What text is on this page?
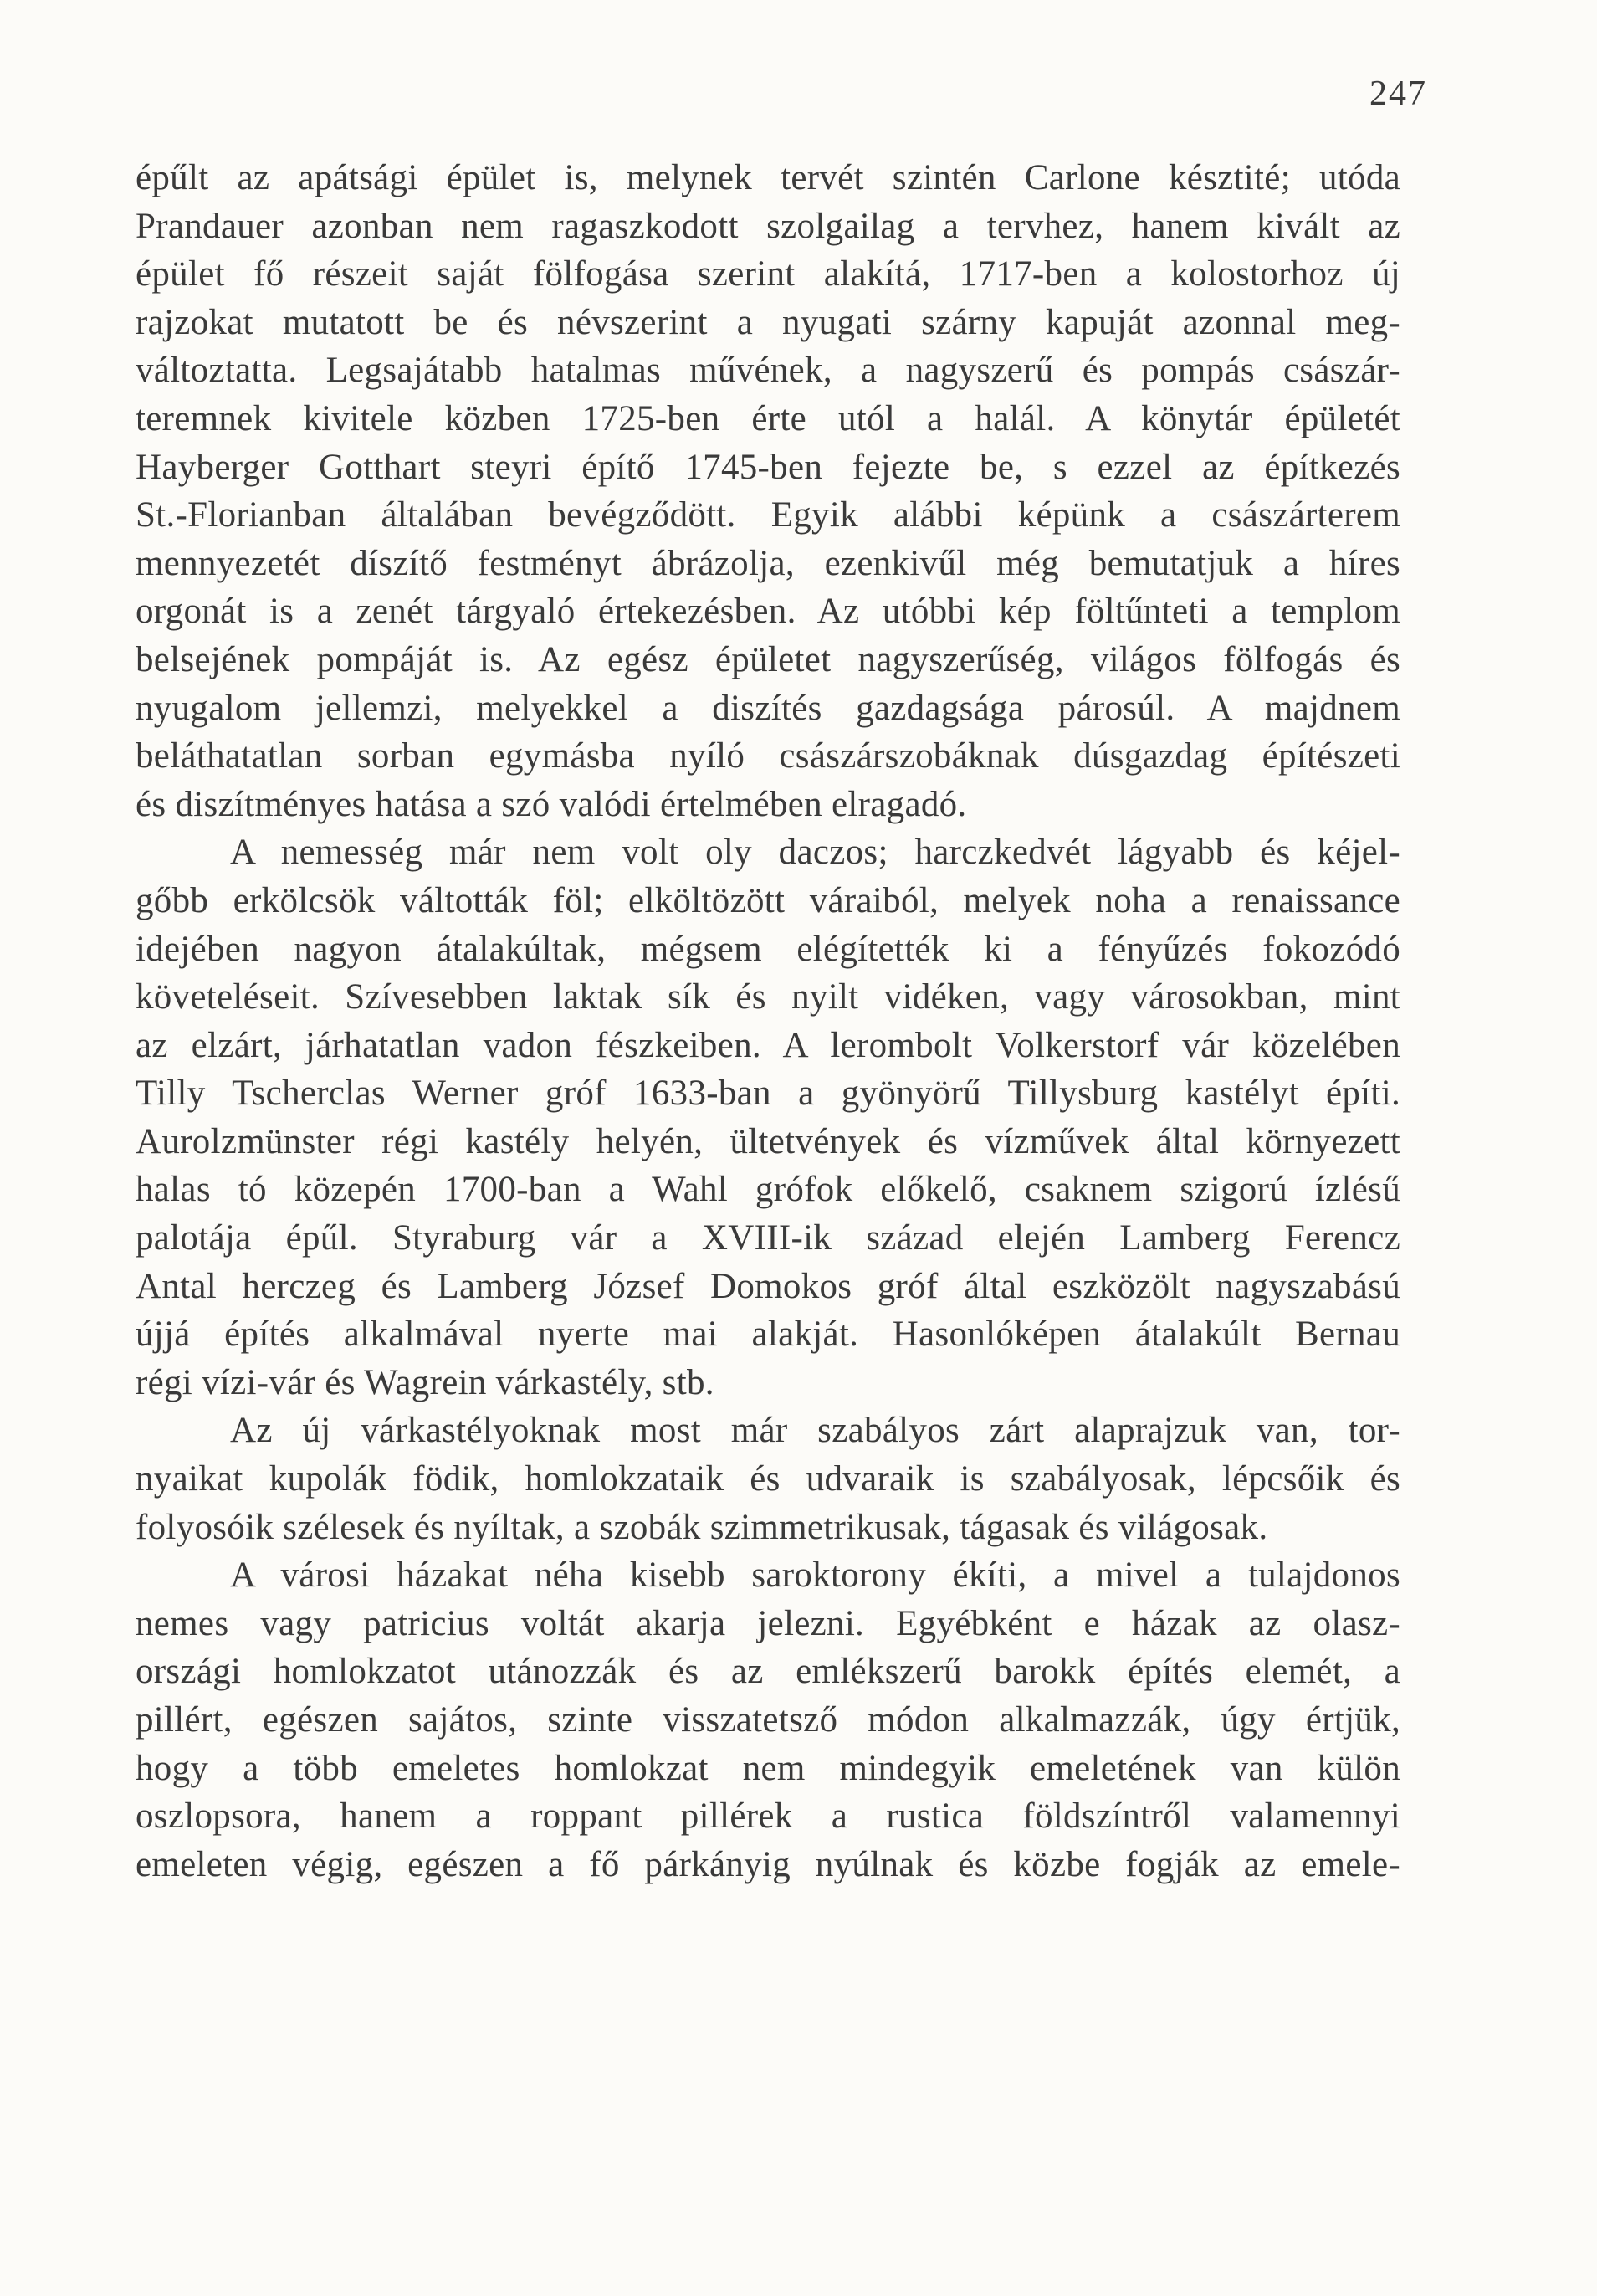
247
épűlt az apátsági épület is, melynek tervét szintén Carlone késztité; utóda
Prandauer azonban nem ragaszkodott szolgailag a tervhez, hanem kivált az
épület fő részeit saját fölfogása szerint alakítá, 1717-ben a kolostorhoz új
rajzokat mutatott be és névszerint a nyugati szárny kapuját azonnal meg-
változtatta. Legsajátabb hatalmas művének, a nagyszerű és pompás császár-
teremnek kivitele közben 1725-ben érte utól a halál. A könytár épületét
Hayberger Gotthart steyri építő 1745-ben fejezte be, s ezzel az építkezés
St.-Florianban általában bevégződött. Egyik alábbi képünk a császárterem
mennyezetét díszítő festményt ábrázolja, ezenkivűl még bemutatjuk a híres
orgonát is a zenét tárgyaló értekezésben. Az utóbbi kép föltűnteti a templom
belsejének pompáját is. Az egész épületet nagyszerűség, világos fölfogás és
nyugalom jellemzi, melyekkel a diszítés gazdagsága párosúl. A majdnem
beláthatatlan sorban egymásba nyíló császárszobáknak dúsgazdag építészeti
és diszítményes hatása a szó valódi értelmében elragadó.
A nemesség már nem volt oly daczos; harczkedvét lágyabb és kéjel-
gőbb erkölcsök váltották föl; elköltözött váraiból, melyek noha a renaissance
idejében nagyon átalakúltak, mégsem elégítették ki a fényűzés fokozódó
követeléseit. Szívesebben laktak sík és nyilt vidéken, vagy városokban, mint
az elzárt, járhatatlan vadon fészkeiben. A lerombolt Volkerstorf vár közelében
Tilly Tscherclas Werner gróf 1633-ban a gyönyörű Tillysburg kastélyt építi.
Aurolzmünster régi kastély helyén, ültetvények és vízművek által környezett
halas tó közepén 1700-ban a Wahl grófok előkelő, csaknem szigorú ízlésű
palotája épűl. Styraburg vár a XVIII-ik század elején Lamberg Ferencz
Antal herczeg és Lamberg József Domokos gróf által eszközölt nagyszabású
újjá építés alkalmával nyerte mai alakját. Hasonlóképen átalakúlt Bernau
régi vízi-vár és Wagrein várkastély, stb.
Az új várkastélyoknak most már szabályos zárt alaprajzuk van, tor-
nyaikat kupolák födik, homlokzataik és udvaraik is szabályosak, lépcsőik és
folyosóik szélesek és nyíltak, a szobák szimmetrikusak, tágasak és világosak.
A városi házakat néha kisebb saroktorony ékíti, a mivel a tulajdonos
nemes vagy patricius voltát akarja jelezni. Egyébként e házak az olasz-
országi homlokzatot utánozzák és az emlékszerű barokk építés elemét, a
pillért, egészen sajátos, szinte visszatetsző módon alkalmazzák, úgy értjük,
hogy a több emeletes homlokzat nem mindegyik emeletének van külön
oszlopsora, hanem a roppant pillérek a rustica földszíntről valamennyi
emeleten végig, egészen a fő párkányig nyúlnak és közbe fogják az emele-
